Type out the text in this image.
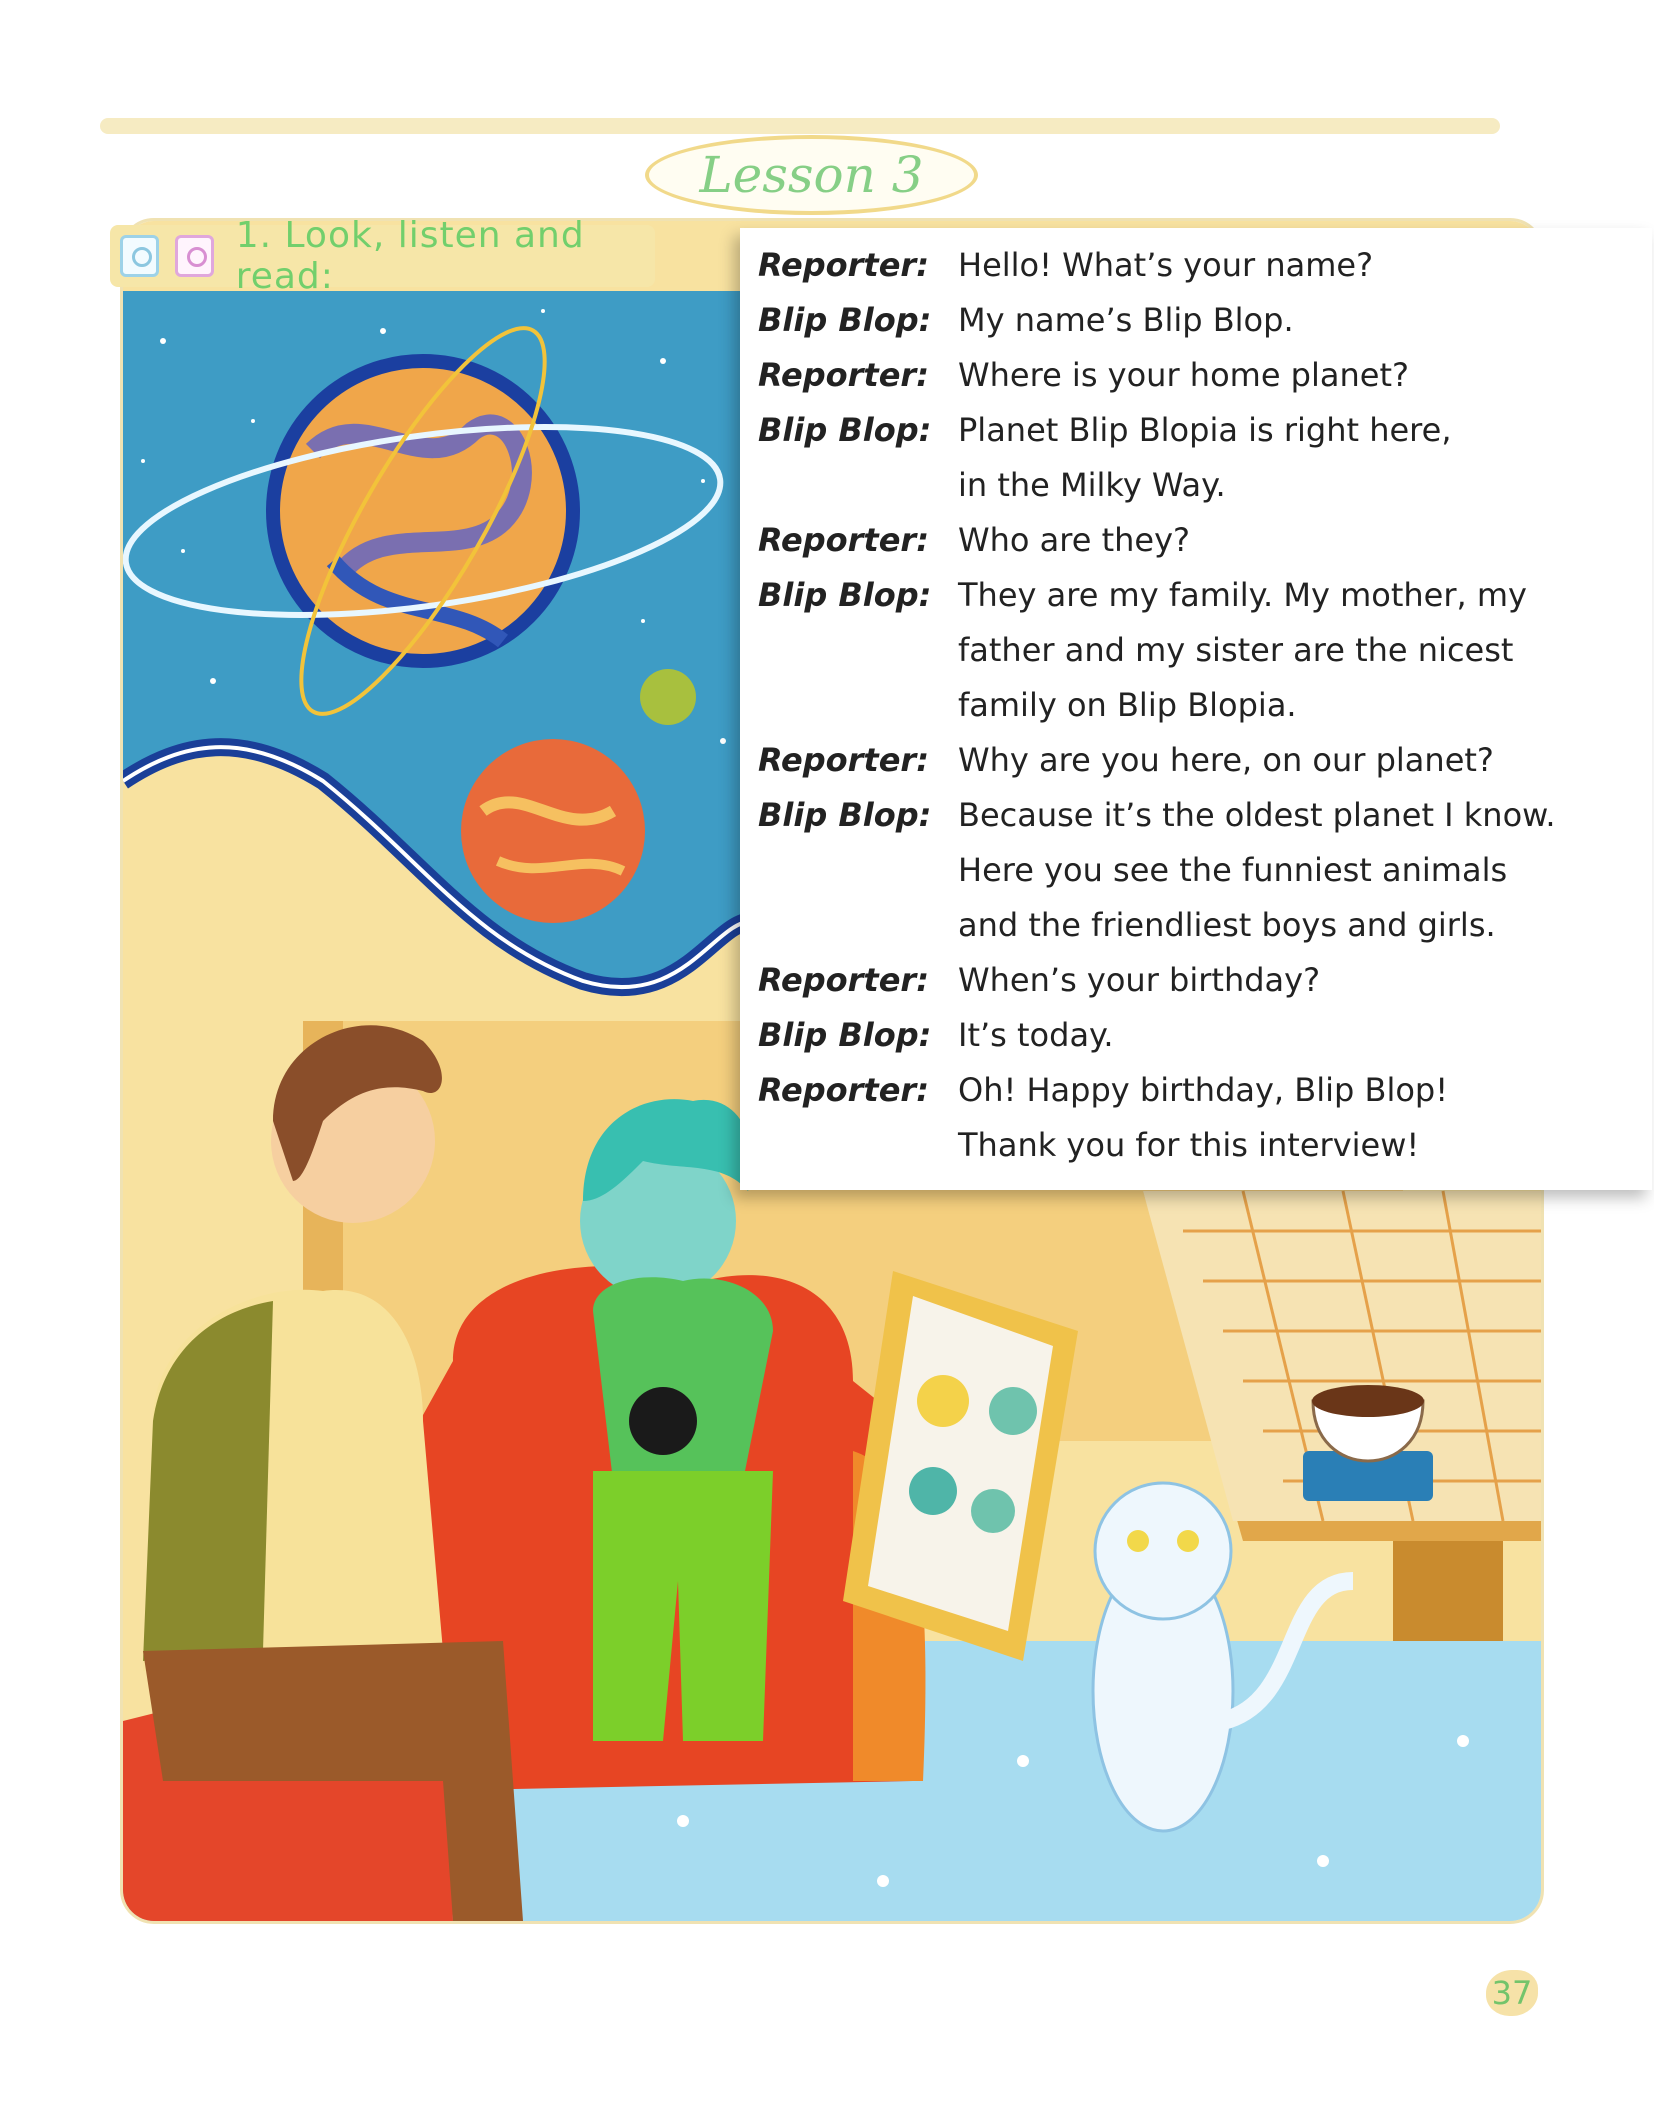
Lesson 3
1. Look, listen and read:	Reporter: Hello! What’s your name?
Blip Blop: My name’s Blip Blop.
Reporter: Where is your home planet?
Blip Blop: Planet Blip Blopia is right here,
in the Milky Way.
Reporter: Who are they?
Blip Blop: They are my family. My mother, my
father and my sister are the nicest
family on Blip Blopia.
Reporter: Why are you here, on our planet?
Blip Blop: Because it’s the oldest planet I know.
Here you see the funniest animals
and the friendliest boys and girls.
Reporter: When’s your birthday?
Blip Blop: It’s today.
Reporter: Oh! Happy birthday, Blip Blop!
Thank you for this interview!
37
